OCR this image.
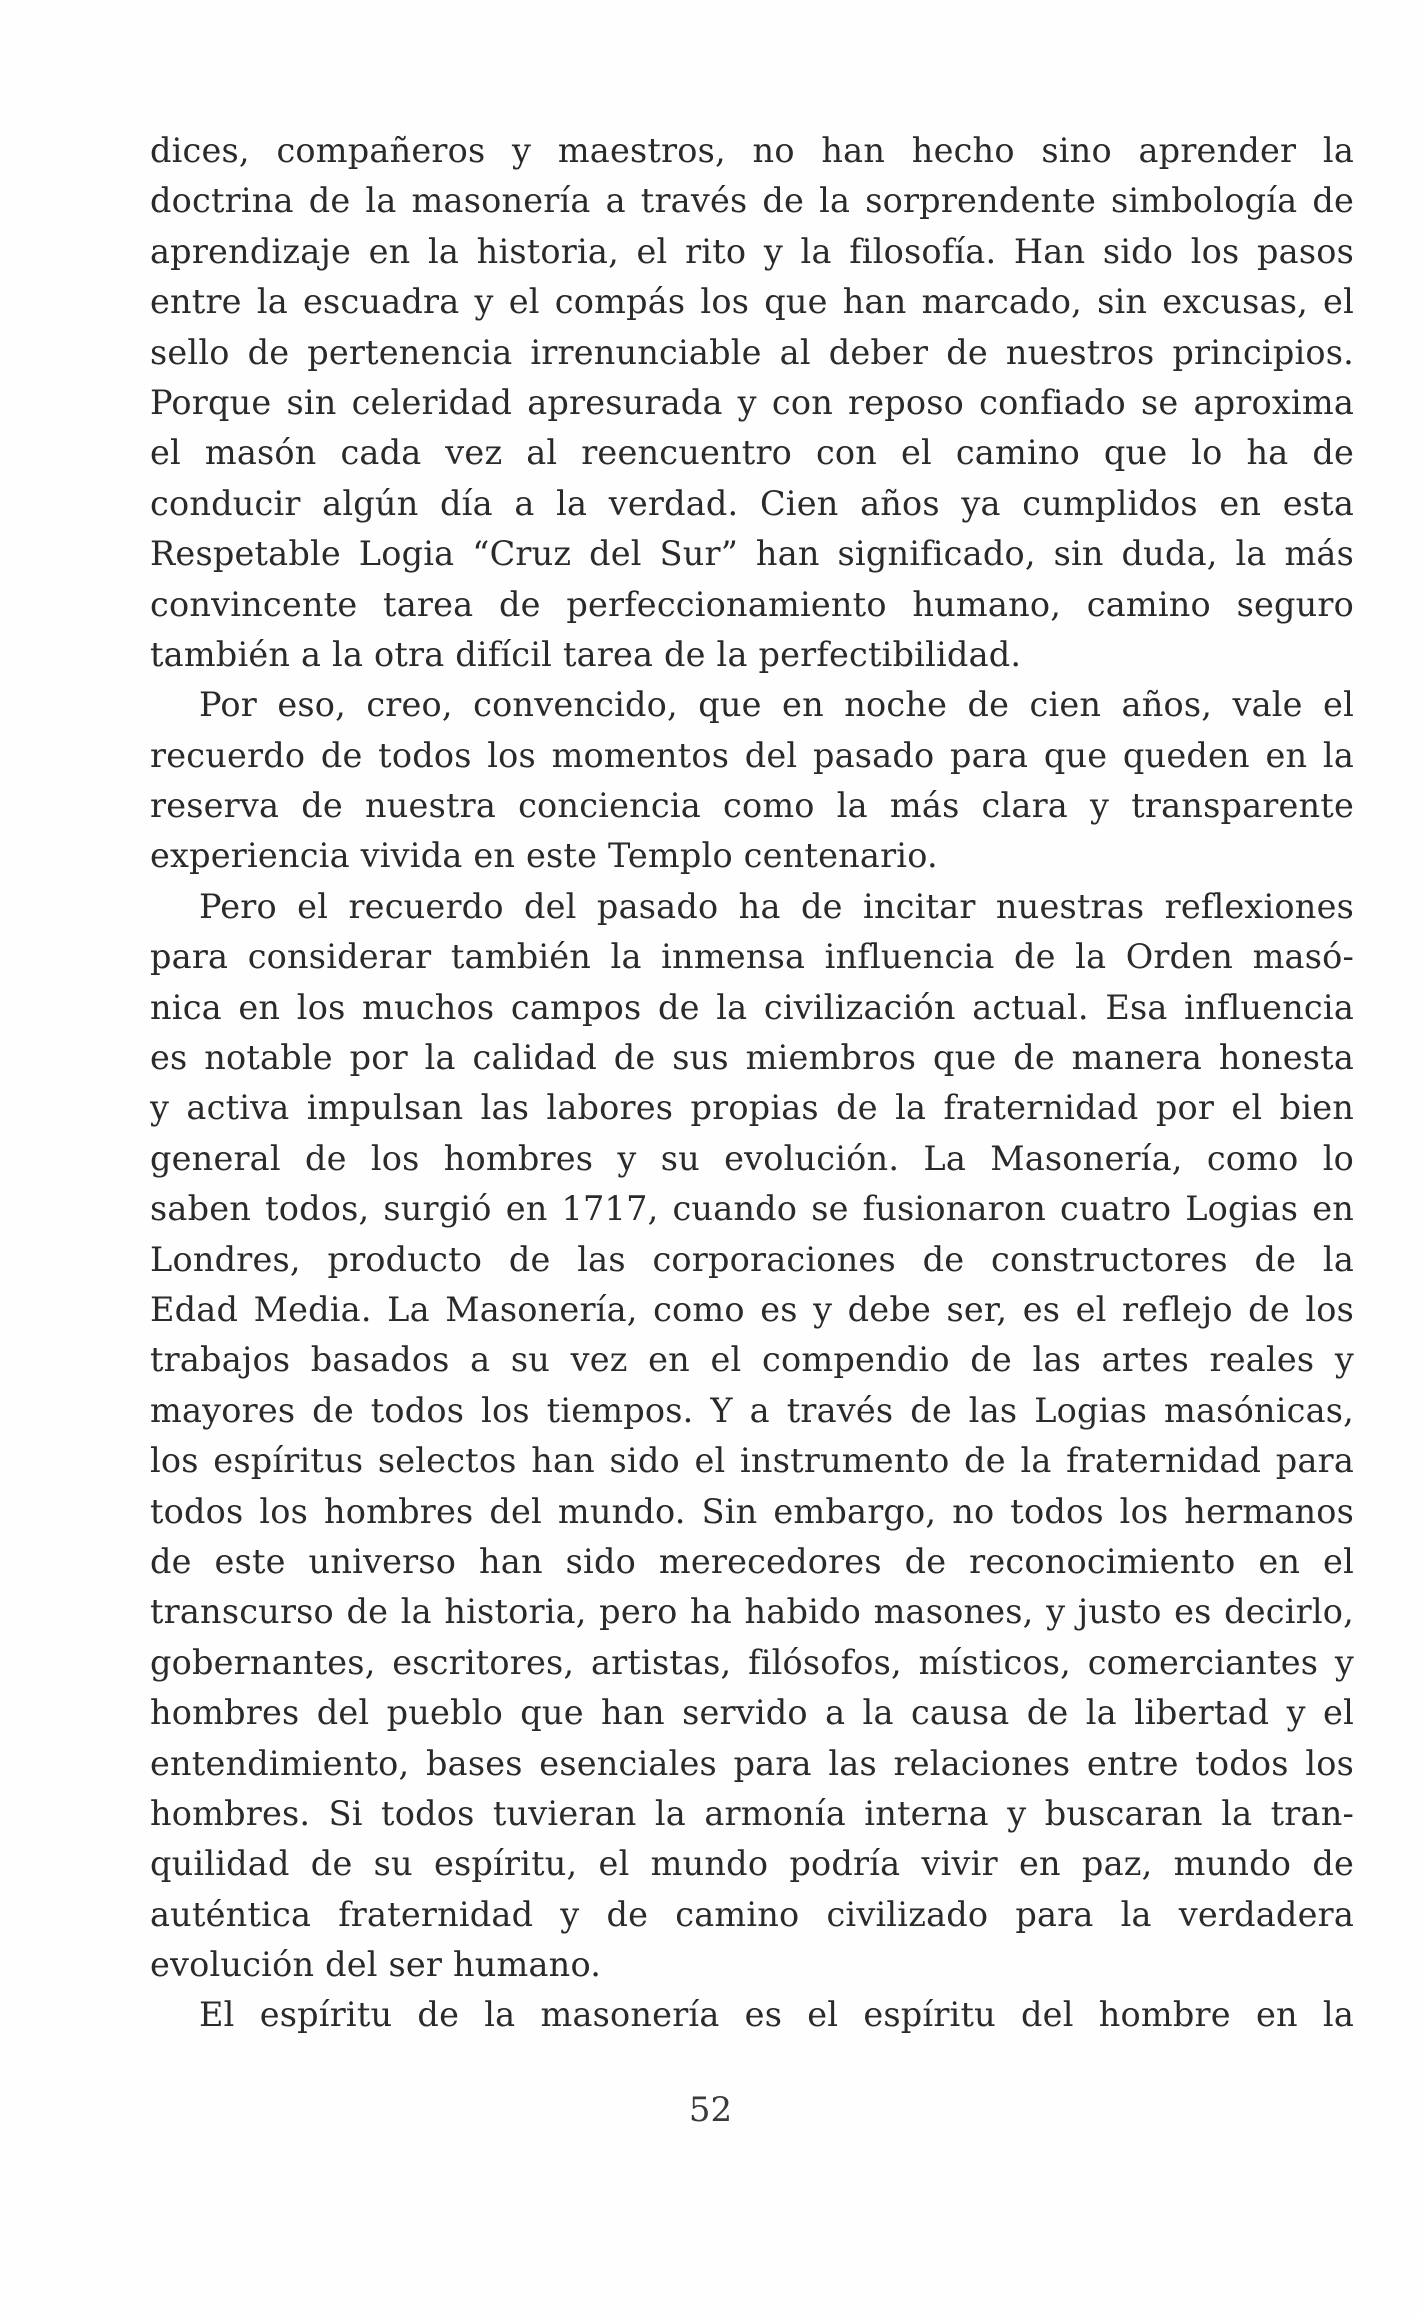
dices, compañeros y maestros, no han hecho sino aprender la
doctrina de la masonería a través de la sorprendente simbología de
aprendizaje en la historia, el rito y la filosofía. Han sido los pasos
entre la escuadra y el compás los que han marcado, sin excusas, el
sello de pertenencia irrenunciable al deber de nuestros principios.
Porque sin celeridad apresurada y con reposo confiado se aproxima
el masón cada vez al reencuentro con el camino que lo ha de
conducir algún día a la verdad. Cien años ya cumplidos en esta
Respetable Logia “Cruz del Sur” han significado, sin duda, la más
convincente tarea de perfeccionamiento humano, camino seguro
también a la otra difícil tarea de la perfectibilidad.
Por eso, creo, convencido, que en noche de cien años, vale el
recuerdo de todos los momentos del pasado para que queden en la
reserva de nuestra conciencia como la más clara y transparente
experiencia vivida en este Templo centenario.
Pero el recuerdo del pasado ha de incitar nuestras reflexiones
para considerar también la inmensa influencia de la Orden masó-
nica en los muchos campos de la civilización actual. Esa influencia
es notable por la calidad de sus miembros que de manera honesta
y activa impulsan las labores propias de la fraternidad por el bien
general de los hombres y su evolución. La Masonería, como lo
saben todos, surgió en 1717, cuando se fusionaron cuatro Logias en
Londres, producto de las corporaciones de constructores de la
Edad Media. La Masonería, como es y debe ser, es el reflejo de los
trabajos basados a su vez en el compendio de las artes reales y
mayores de todos los tiempos. Y a través de las Logias masónicas,
los espíritus selectos han sido el instrumento de la fraternidad para
todos los hombres del mundo. Sin embargo, no todos los hermanos
de este universo han sido merecedores de reconocimiento en el
transcurso de la historia, pero ha habido masones, y justo es decirlo,
gobernantes, escritores, artistas, filósofos, místicos, comerciantes y
hombres del pueblo que han servido a la causa de la libertad y el
entendimiento, bases esenciales para las relaciones entre todos los
hombres. Si todos tuvieran la armonía interna y buscaran la tran-
quilidad de su espíritu, el mundo podría vivir en paz, mundo de
auténtica fraternidad y de camino civilizado para la verdadera
evolución del ser humano.
El espíritu de la masonería es el espíritu del hombre en la
52
